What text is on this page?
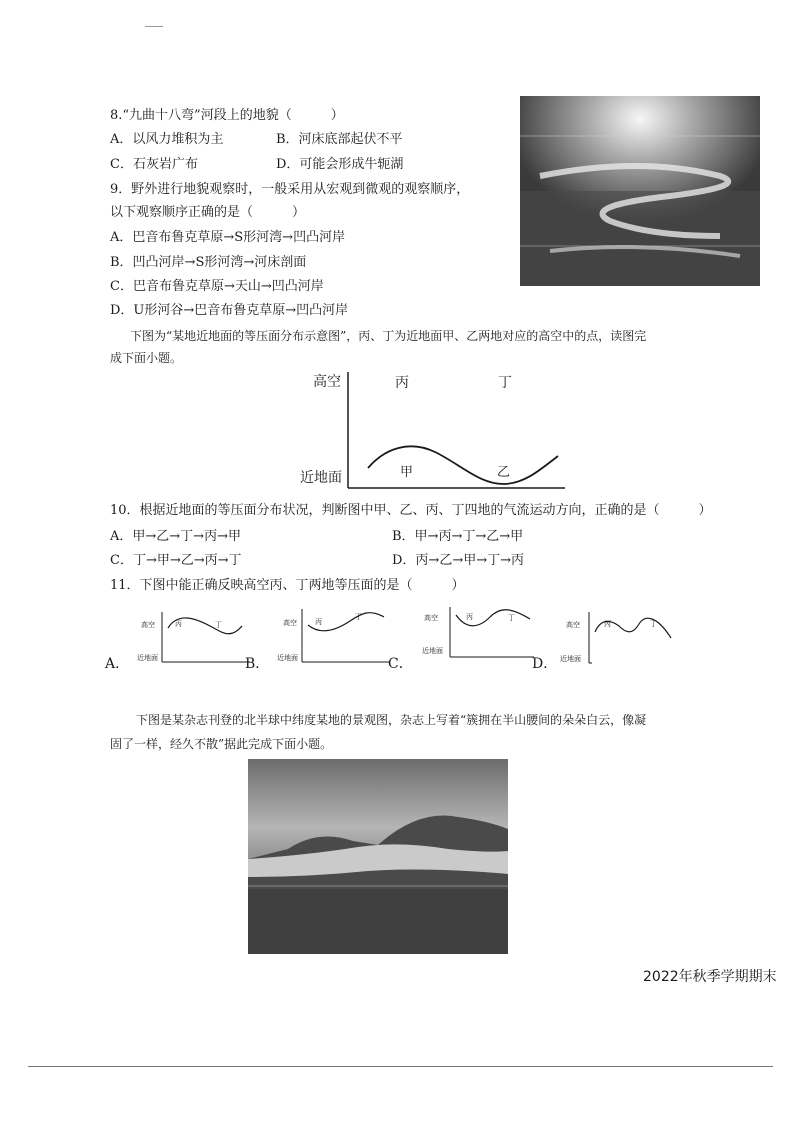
8.“九曲十八弯”河段上的地貌（　　　）
A．以风力堆积为主	B．河床底部起伏不平
C．石灰岩广布	D．可能会形成牛轭湖
9．野外进行地貌观察时，一般采用从宏观到微观的观察顺序，
以下观察顺序正确的是（　　　）
A．巴音布鲁克草原→S形河湾→凹凸河岸
B．凹凸河岸→S形河湾→河床剖面
C．巴音布鲁克草原→天山→凹凸河岸
D．U形河谷→巴音布鲁克草原→凹凸河岸
下图为“某地近地面的等压面分布示意图”，丙、丁为近地面甲、乙两地对应的高空中的点，读图完
成下面小题。
高空	丙	丁
近地面	甲	乙
10．根据近地面的等压面分布状况，判断图中甲、乙、丙、丁四地的气流运动方向，正确的是（　　　）
A．甲→乙→丁→丙→甲	B．甲→丙→丁→乙→甲
C．丁→甲→乙→丙→丁	D．丙→乙→甲→丁→丙
11．下图中能正确反映高空丙、丁两地等压面的是（　　　）
A．
高空
近地面
丙	丁
B．
高空
近地面
丙
丁
C．
高空
近地面
丙	丁
D．
高空
近地面
丙	丁
下图是某杂志刊登的北半球中纬度某地的景观图，杂志上写着“簇拥在半山腰间的朵朵白云，像凝
固了一样，经久不散”据此完成下面小题。
2022年秋季学期期末
